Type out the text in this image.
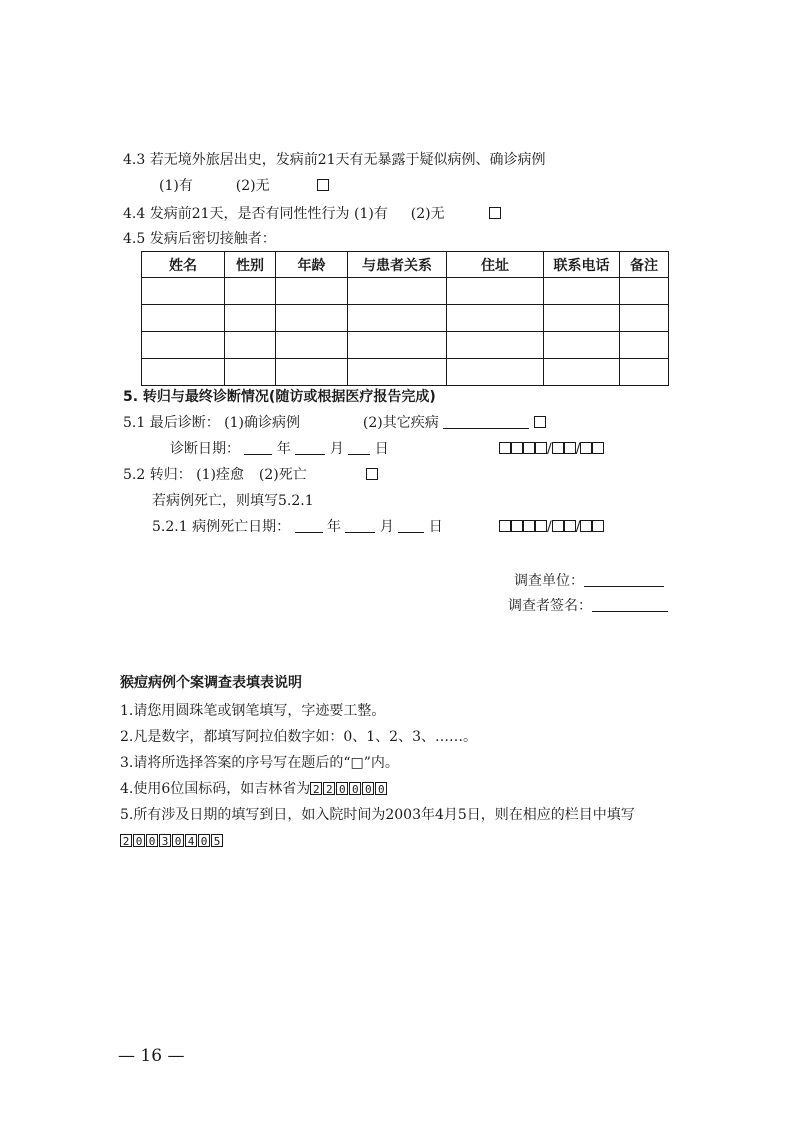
4.3 若无境外旅居出史，发病前21天有无暴露于疑似病例、确诊病例
(1)有	(2)无
4.4 发病前21天，是否有同性性行为 (1)有 (2)无
4.5 发病后密切接触者：
姓名	性别	年龄	与患者关系	住址	联系电话	备注

5. 转归与最终诊断情况(随访或根据医疗报告完成)
5.1 最后诊断： (1)确诊病例	(2)其它疾病
诊断日期：	年	月 日	/ /
5.2 转归： (1)痊愈 (2)死亡
若病例死亡，则填写5.2.1
5.2.1 病例死亡日期：	年	月 日	/ /
调查单位：
调查者签名：
猴痘病例个案调查表填表说明
1.请您用圆珠笔或钢笔填写，字迹要工整。
2.凡是数字，都填写阿拉伯数字如：0、1、2、3、……。
3.请将所选择答案的序号写在题后的“□”内。
4.使用6位国标码，如吉林省为 2 2 0 0 0 0
5.所有涉及日期的填写到日，如入院时间为2003年4月5日，则在相应的栏目中填写
2 0 0 3 0 4 0 5
— 16 —
